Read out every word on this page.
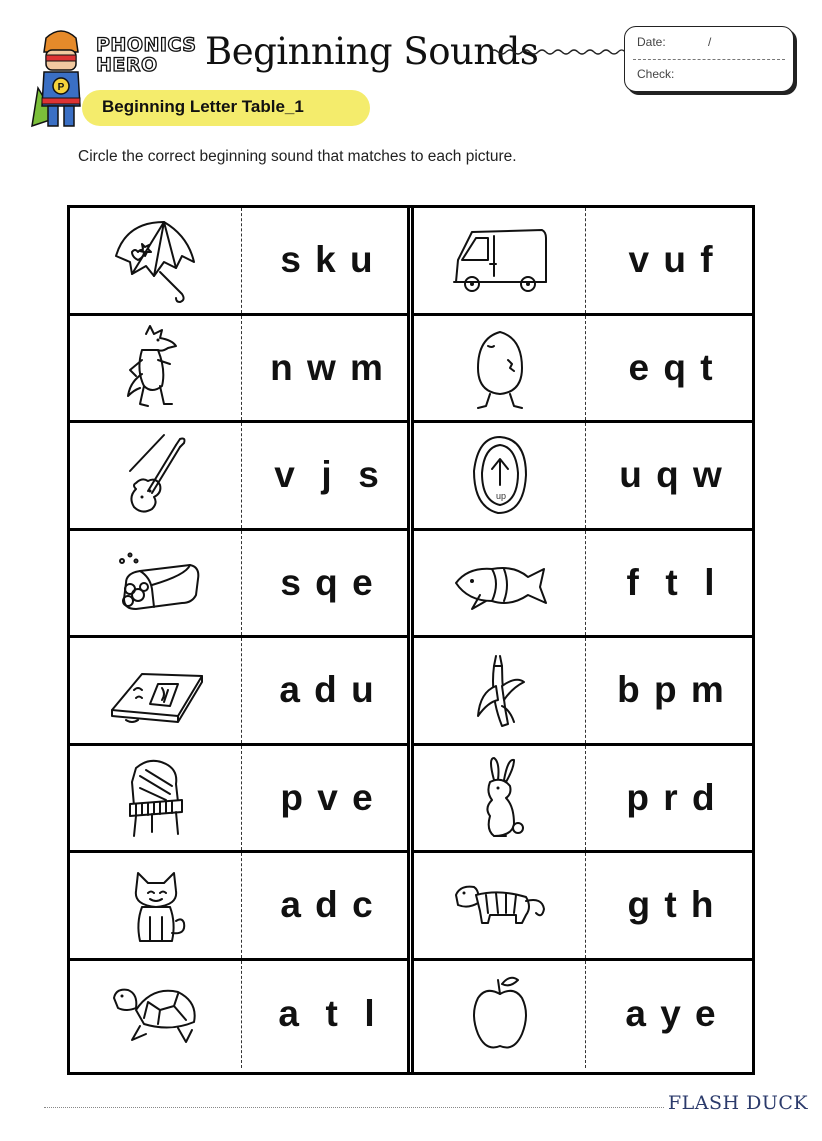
P
PHONICS
HERO Beginning Sounds	Date:	/
Check:
Beginning Letter Table_1
Circle the correct beginning sound that matches to each picture.
s k u
n w m
v  j  s
s q e
a d u
p v e
a d c
a  t  l
v u f
e q t
up
u q w
f  t  l
b p m
p r d
g t h
a y e
FLASH DUCK
